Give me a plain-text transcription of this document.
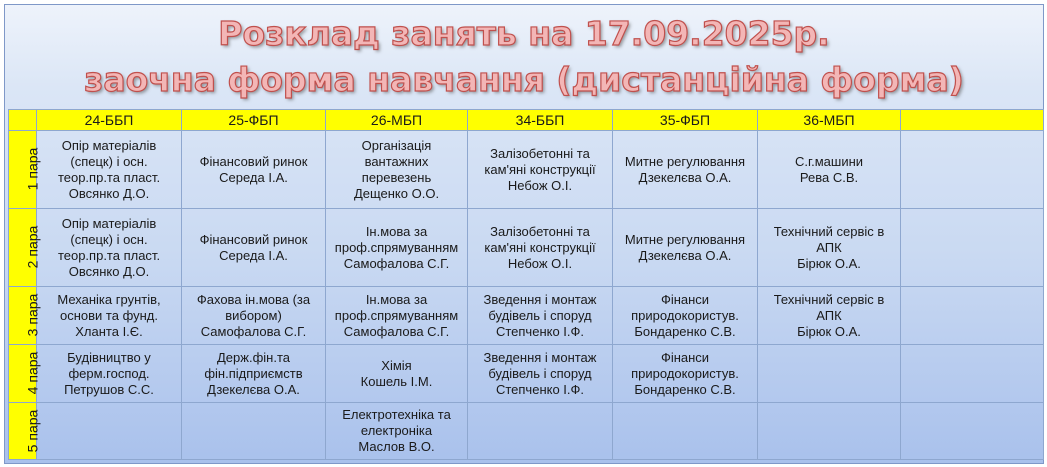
Розклад занять на 17.09.2025р.
заочна форма навчання (дистанційна форма)
	24-ББП	25-ФБП	26-МБП	34-ББП	35-ФБП	36-МБП	
1 пара	Опір матеріалів
(спецк) і осн.
теор.пр.та пласт.
Овсянко Д.О.	Фінансовий ринок
Середа І.А.	Організація
вантажних
перевезень
Дещенко О.О.	Залізобетонні та
кам'яні конструкції
Небож О.І.	Митне регулювання
Дзекелєва О.А.	С.г.машини
Рева С.В.	

2 пара	Опір матеріалів
(спецк) і осн.
теор.пр.та пласт.
Овсянко Д.О.	Фінансовий ринок
Середа І.А.	Ін.мова за
проф.спрямуванням
Самофалова С.Г.	Залізобетонні та
кам'яні конструкції
Небож О.І.	Митне регулювання
Дзекелєва О.А.	Технічний сервіс в
АПК
Бірюк О.А.	

3 пара	Механіка грунтів,
основи та фунд.
Хланта І.Є.	Фахова ін.мова (за
вибором)
Самофалова С.Г.	Ін.мова за
проф.спрямуванням
Самофалова С.Г.	Зведення і монтаж
будівель і споруд
Степченко І.Ф.	Фінанси
природокористув.
Бондаренко С.В.	Технічний сервіс в
АПК
Бірюк О.А.	

4 пара	Будівництво у
ферм.господ.
Петрушов С.С.	Держ.фін.та
фін.підприємств
Дзекелєва О.А.	Хімія
Кошель І.М.	Зведення і монтаж
будівель і споруд
Степченко І.Ф.	Фінанси
природокористув.
Бондаренко С.В.		

5 пара			Електротехніка та
електроніка
Маслов В.О.				
